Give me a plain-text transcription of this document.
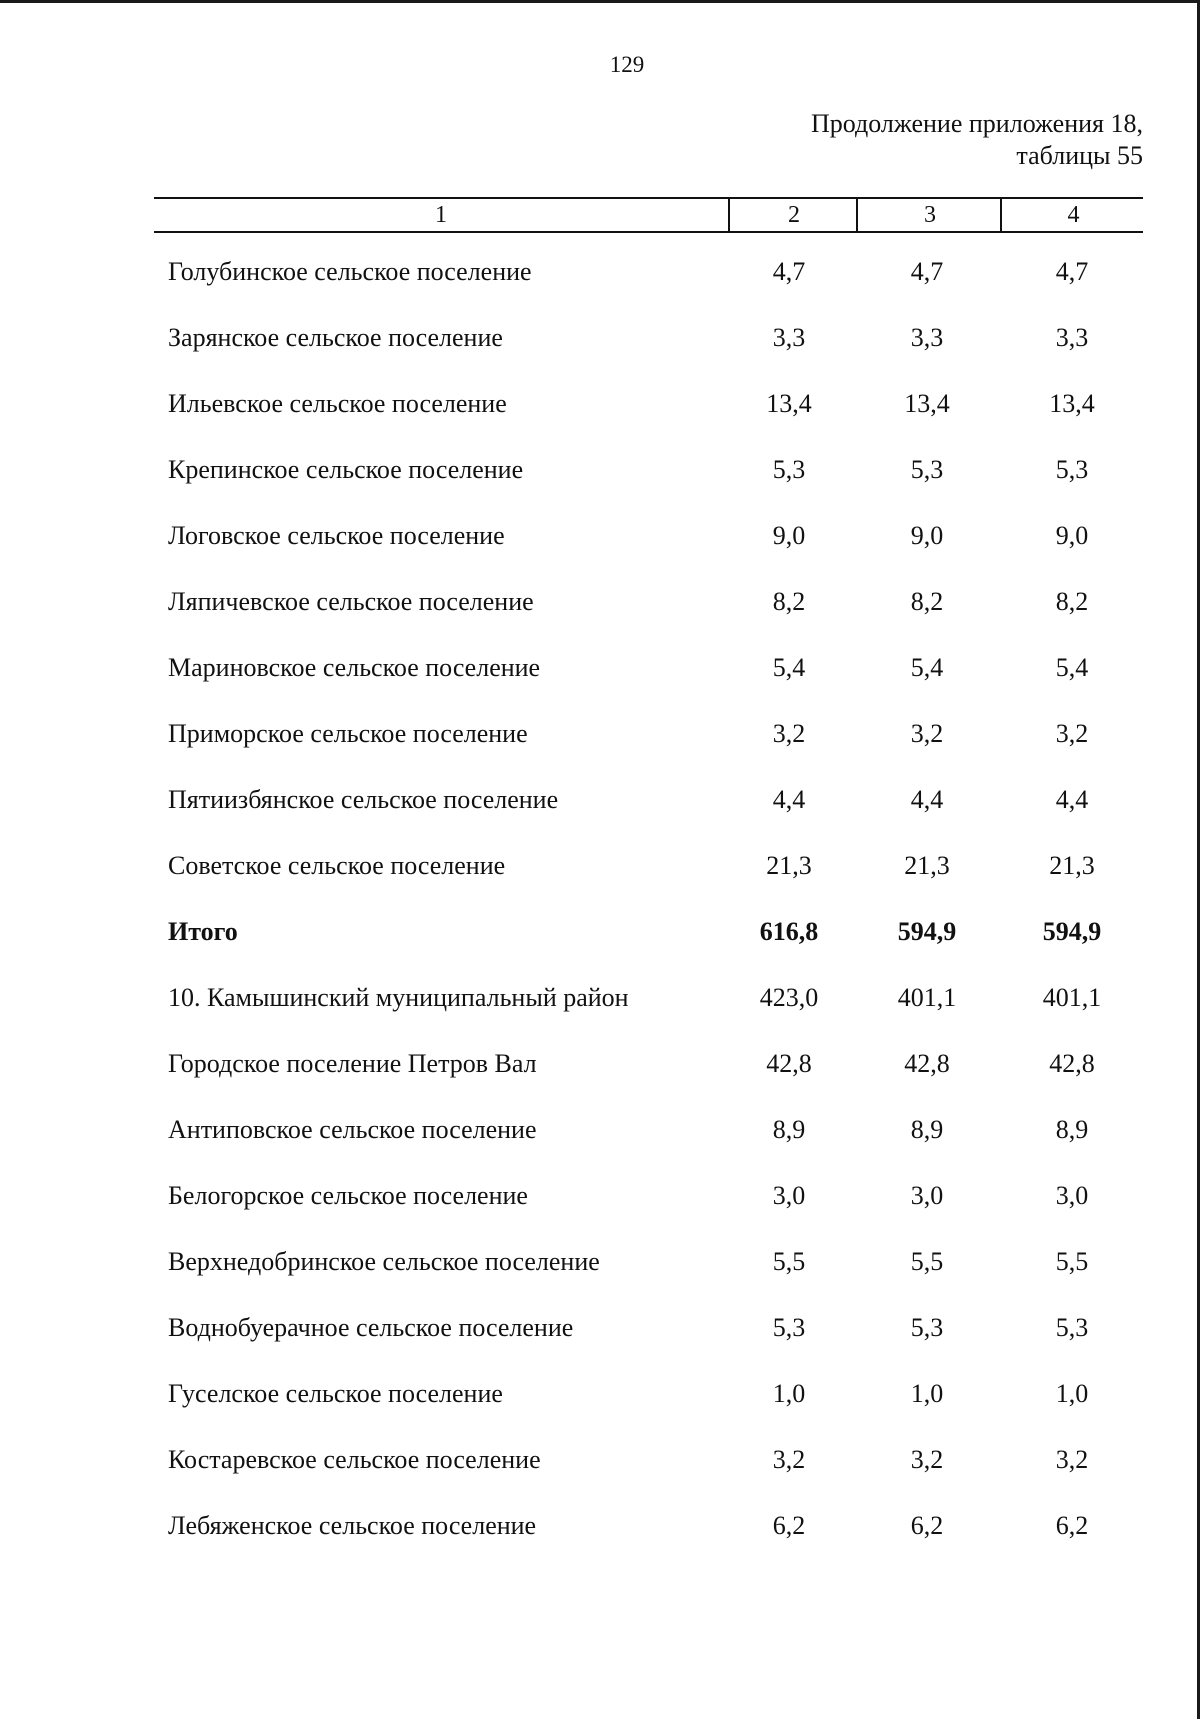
129
Продолжение приложения 18,
таблицы 55
1	2	3	4
Голубинское сельское поселение	4,7	4,7	4,7
Зарянское сельское поселение	3,3	3,3	3,3
Ильевское сельское поселение	13,4	13,4	13,4
Крепинское сельское поселение	5,3	5,3	5,3
Логовское сельское поселение	9,0	9,0	9,0
Ляпичевское сельское поселение	8,2	8,2	8,2
Мариновское сельское поселение	5,4	5,4	5,4
Приморское сельское поселение	3,2	3,2	3,2
Пятиизбянское сельское поселение	4,4	4,4	4,4
Советское сельское поселение	21,3	21,3	21,3
Итого	616,8	594,9	594,9
10. Камышинский муниципальный район	423,0	401,1	401,1
Городское поселение Петров Вал	42,8	42,8	42,8
Антиповское сельское поселение	8,9	8,9	8,9
Белогорское сельское поселение	3,0	3,0	3,0
Верхнедобринское сельское поселение	5,5	5,5	5,5
Воднобуерачное сельское поселение	5,3	5,3	5,3
Гуселское сельское поселение	1,0	1,0	1,0
Костаревское сельское поселение	3,2	3,2	3,2
Лебяженское сельское поселение	6,2	6,2	6,2
